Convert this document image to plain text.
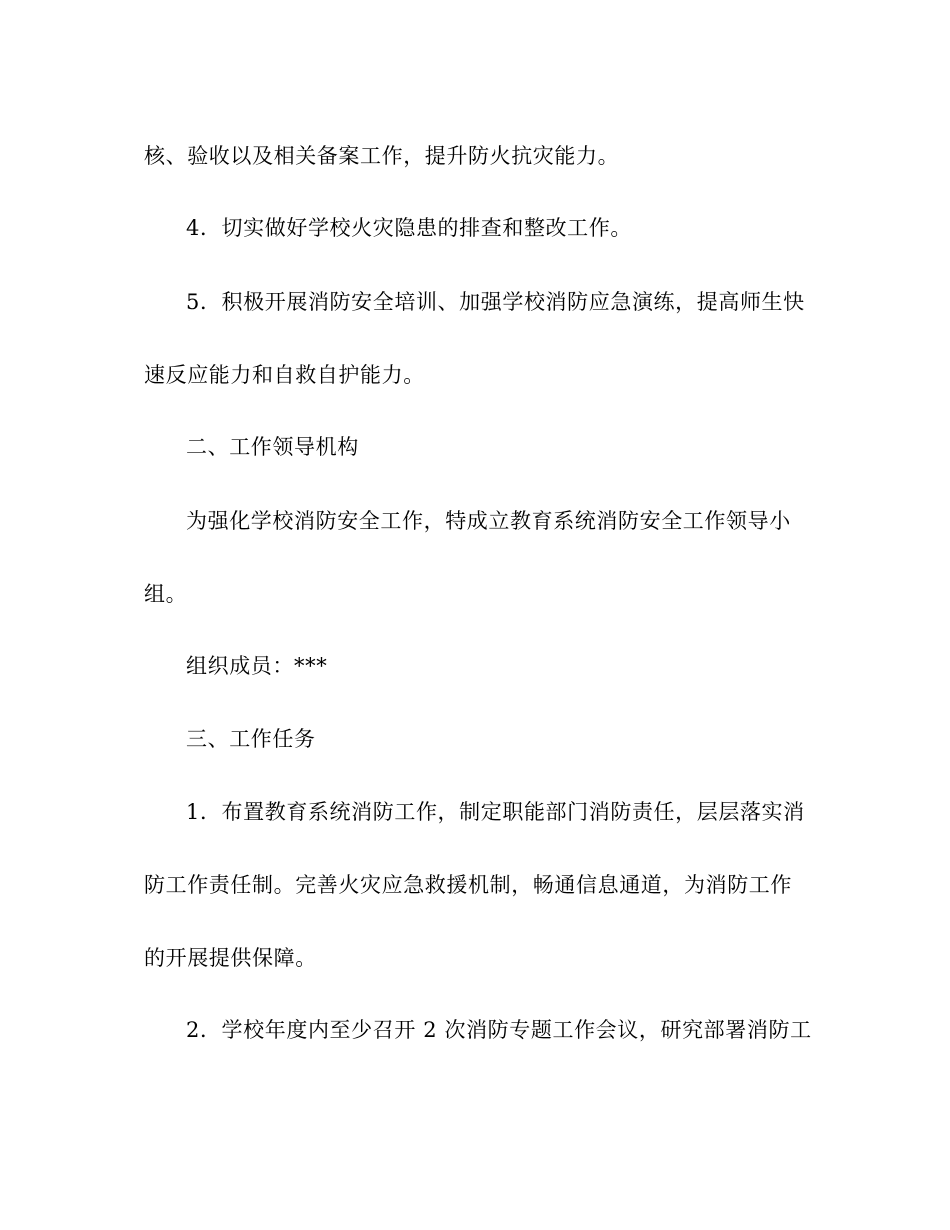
核、验收以及相关备案工作，提升防火抗灾能力。
4．切实做好学校火灾隐患的排查和整改工作。
5．积极开展消防安全培训、加强学校消防应急演练，提高师生快
速反应能力和自救自护能力。
二、工作领导机构
为强化学校消防安全工作，特成立教育系统消防安全工作领导小
组。
组织成员：***
三、工作任务
1．布置教育系统消防工作，制定职能部门消防责任，层层落实消
防工作责任制。完善火灾应急救援机制，畅通信息通道，为消防工作
的开展提供保障。
2．学校年度内至少召开 2 次消防专题工作会议，研究部署消防工
